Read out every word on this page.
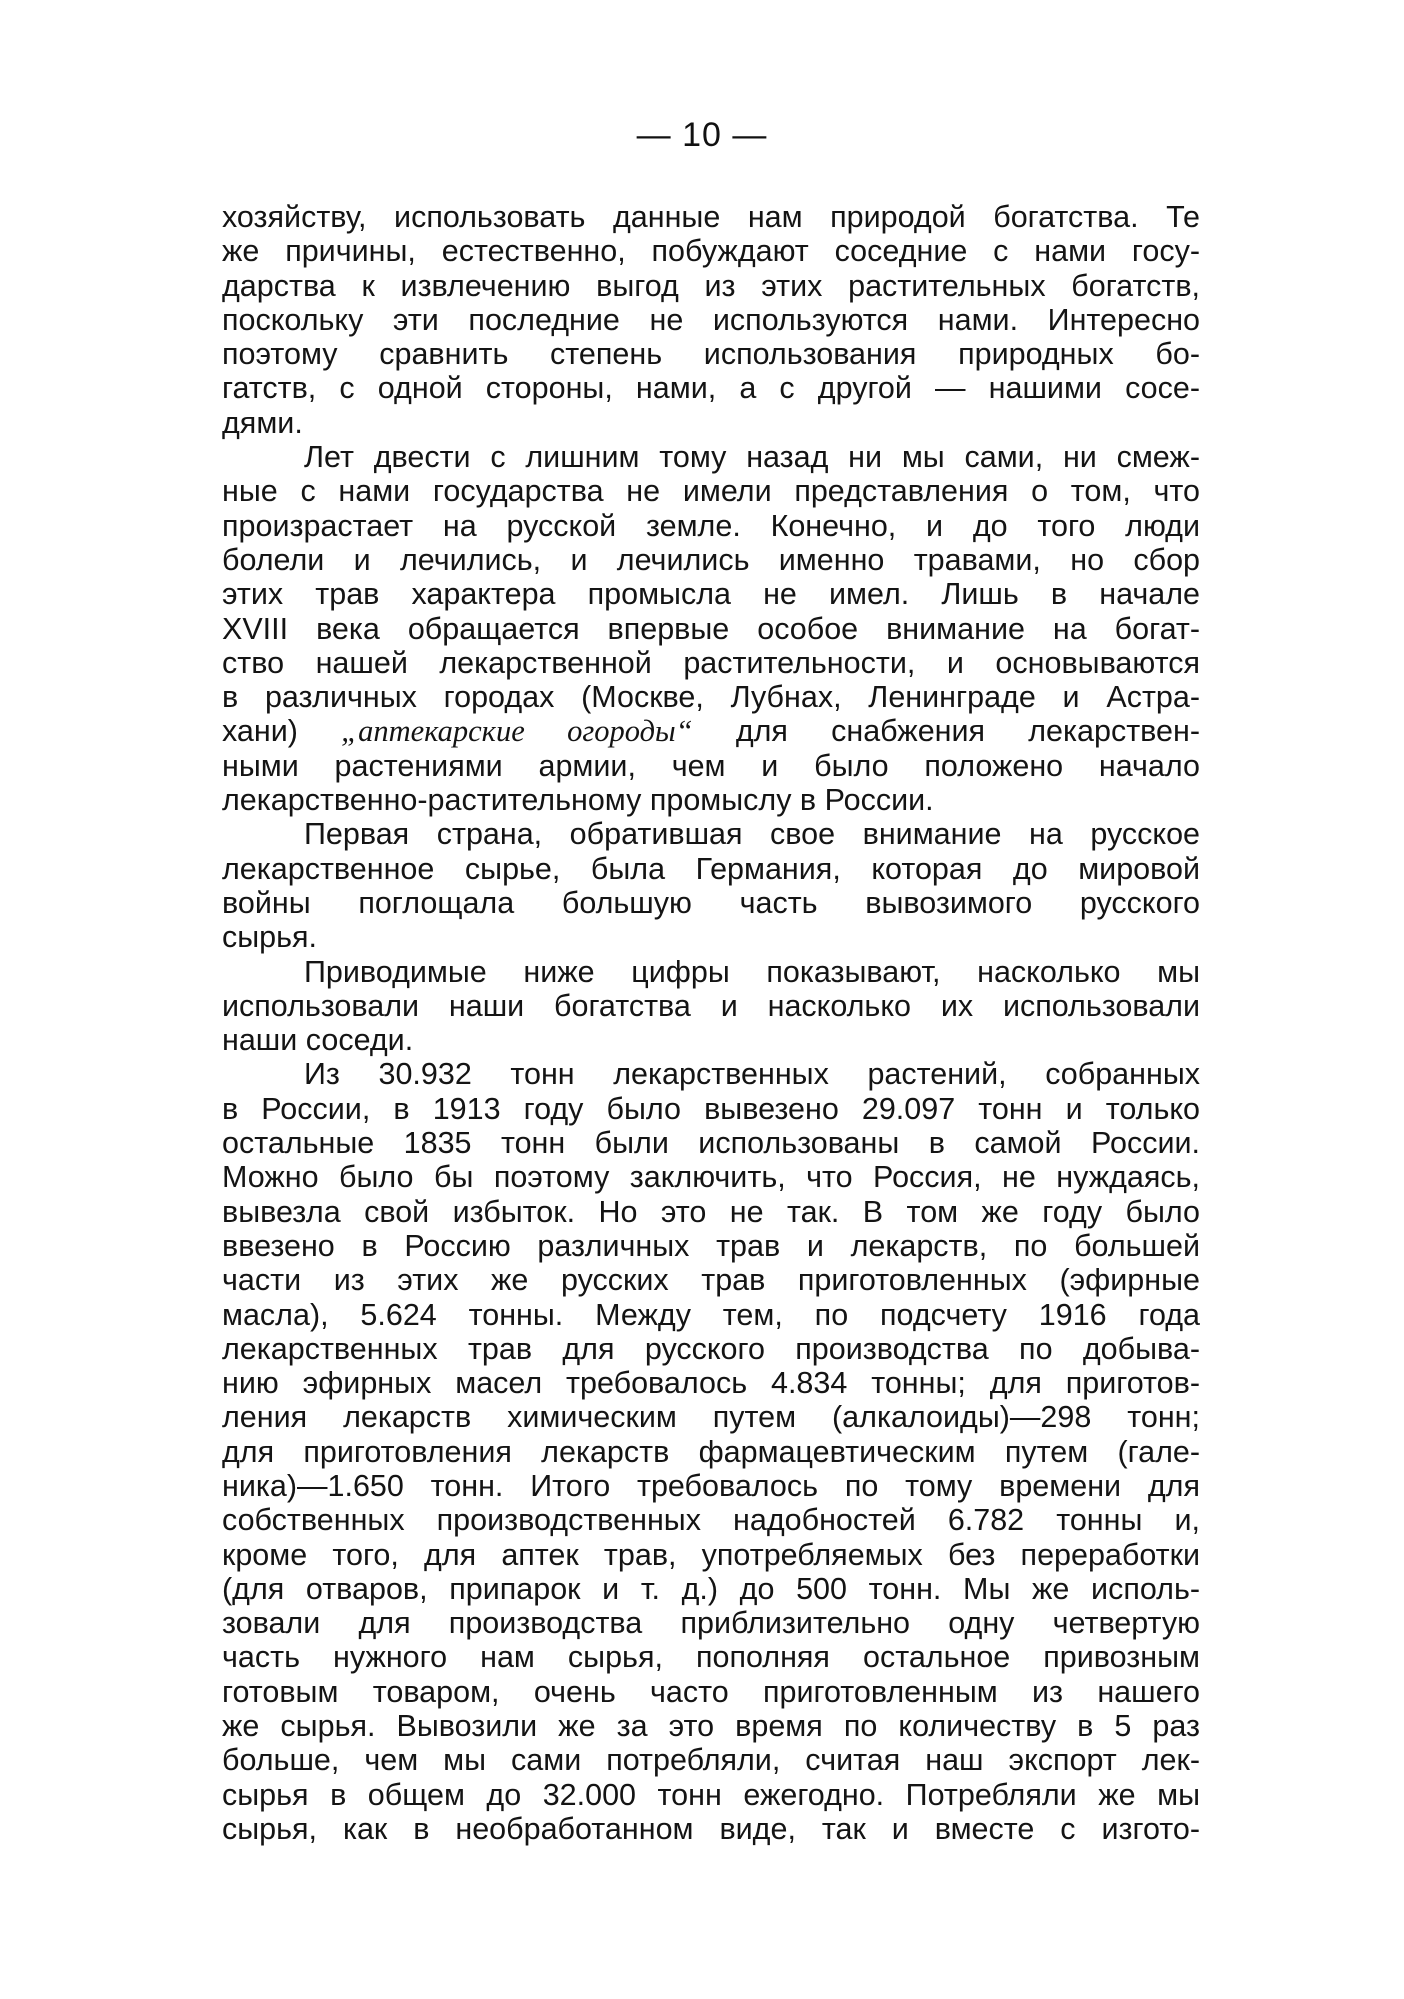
— 10 —
хозяйству, использовать данные нам природой богатства. Те
же причины, естественно, побуждают соседние с нами госу-
дарства к извлечению выгод из этих растительных богатств,
поскольку эти последние не используются нами. Интересно
поэтому сравнить степень использования природных бо-
гатств, с одной стороны, нами, а с другой — нашими сосе-
дями.
Лет двести с лишним тому назад ни мы сами, ни смеж-
ные с нами государства не имели представления о том, что
произрастает на русской земле. Конечно, и до того люди
болели и лечились, и лечились именно травами, но сбор
этих трав характера промысла не имел. Лишь в начале
XVIII века обращается впервые особое внимание на богат-
ство нашей лекарственной растительности, и основываются
в различных городах (Москве, Лубнах, Ленинграде и Астра-
хани) „аптекарские огороды“ для снабжения лекарствен-
ными растениями армии, чем и было положено начало
лекарственно-растительному промыслу в России.
Первая страна, обратившая свое внимание на русское
лекарственное сырье, была Германия, которая до мировой
войны поглощала большую часть вывозимого русского
сырья.
Приводимые ниже цифры показывают, насколько мы
использовали наши богатства и насколько их использовали
наши соседи.
Из 30.932 тонн лекарственных растений, собранных
в России, в 1913 году было вывезено 29.097 тонн и только
остальные 1835 тонн были использованы в самой России.
Можно было бы поэтому заключить, что Россия, не нуждаясь,
вывезла свой избыток. Но это не так. В том же году было
ввезено в Россию различных трав и лекарств, по большей
части из этих же русских трав приготовленных (эфирные
масла), 5.624 тонны. Между тем, по подсчету 1916 года
лекарственных трав для русского производства по добыва-
нию эфирных масел требовалось 4.834 тонны; для приготов-
ления лекарств химическим путем (алкалоиды)—298 тонн;
для приготовления лекарств фармацевтическим путем (гале-
ника)—1.650 тонн. Итого требовалось по тому времени для
собственных производственных надобностей 6.782 тонны и,
кроме того, для аптек трав, употребляемых без переработки
(для отваров, припарок и т. д.) до 500 тонн. Мы же исполь-
зовали для производства приблизительно одну четвертую
часть нужного нам сырья, пополняя остальное привозным
готовым товаром, очень часто приготовленным из нашего
же сырья. Вывозили же за это время по количеству в 5 раз
больше, чем мы сами потребляли, считая наш экспорт лек-
сырья в общем до 32.000 тонн ежегодно. Потребляли же мы
сырья, как в необработанном виде, так и вместе с изгото-
